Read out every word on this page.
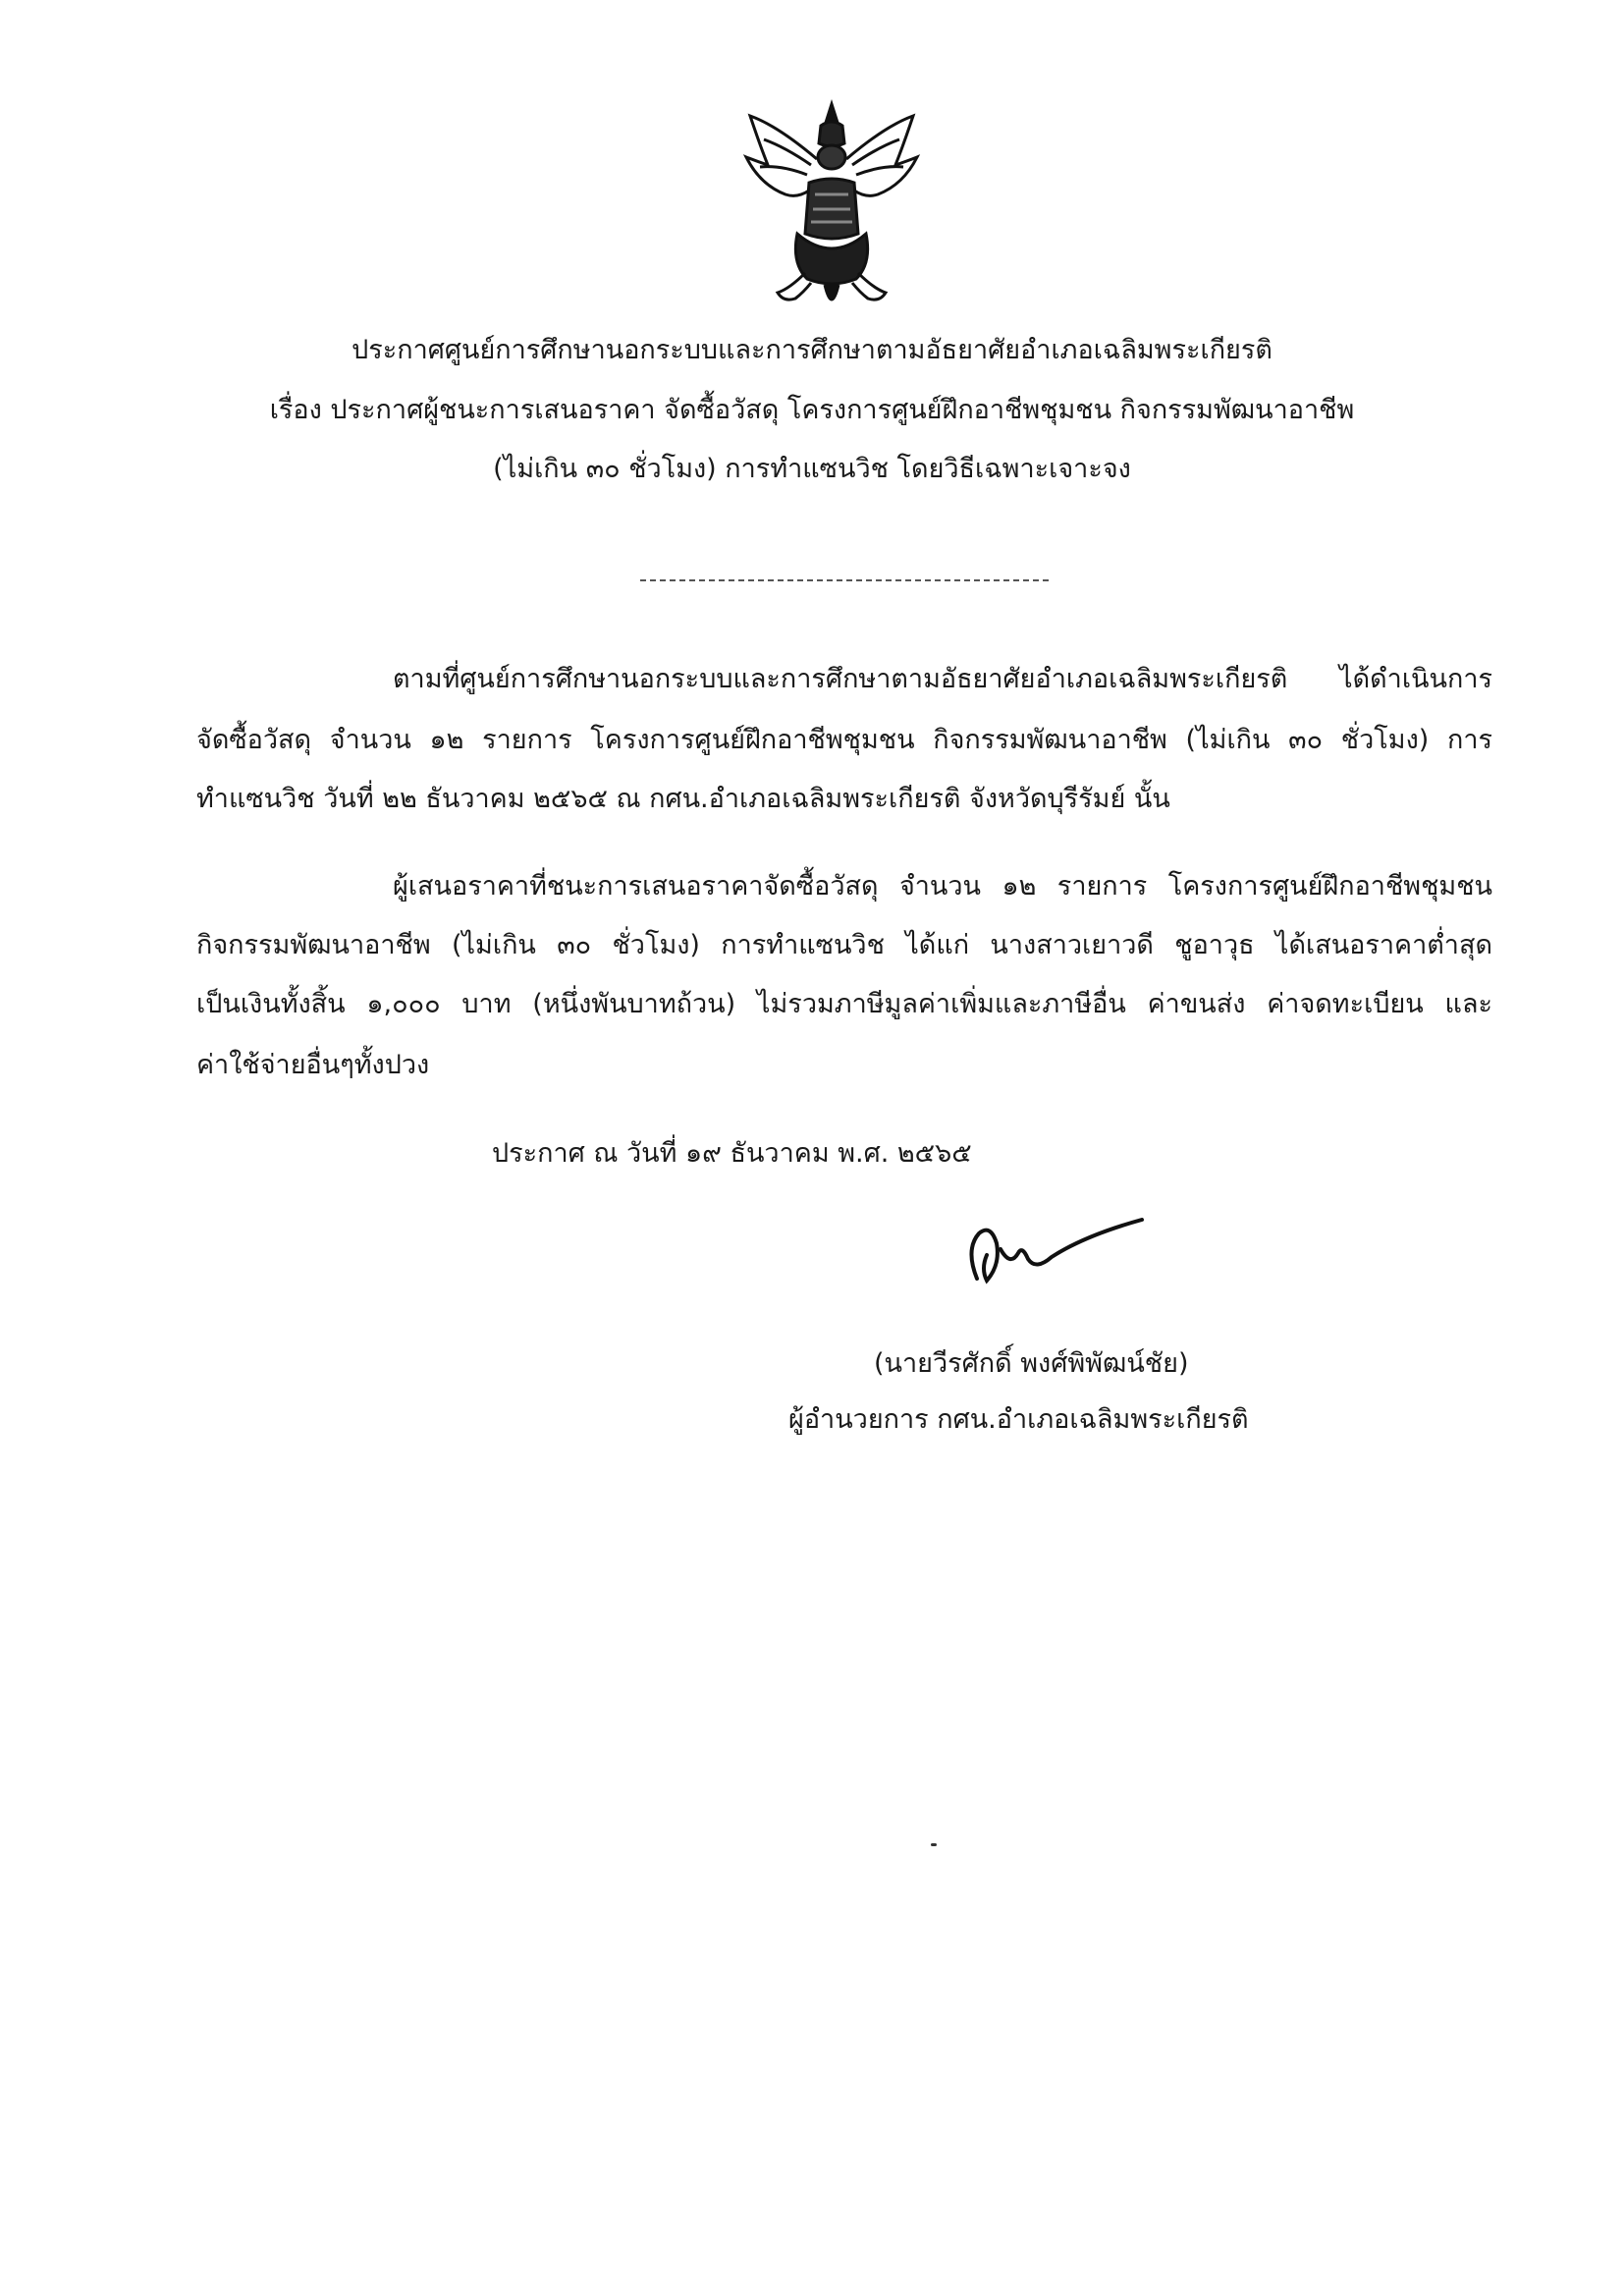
ประกาศศูนย์การศึกษานอกระบบและการศึกษาตามอัธยาศัยอำเภอเฉลิมพระเกียรติ
เรื่อง ประกาศผู้ชนะการเสนอราคา จัดซื้อวัสดุ โครงการศูนย์ฝึกอาชีพชุมชน กิจกรรมพัฒนาอาชีพ
(ไม่เกิน ๓๐ ชั่วโมง) การทำแซนวิช โดยวิธีเฉพาะเจาะจง
ตามที่ศูนย์การศึกษานอกระบบและการศึกษาตามอัธยาศัยอำเภอเฉลิมพระเกียรติ ได้ดำเนินการ
จัดซื้อวัสดุ จำนวน ๑๒ รายการ โครงการศูนย์ฝึกอาชีพชุมชน กิจกรรมพัฒนาอาชีพ (ไม่เกิน ๓๐ ชั่วโมง) การ
ทำแซนวิช วันที่ ๒๒ ธันวาคม ๒๕๖๕ ณ กศน.อำเภอเฉลิมพระเกียรติ จังหวัดบุรีรัมย์ นั้น
ผู้เสนอราคาที่ชนะการเสนอราคาจัดซื้อวัสดุ จำนวน ๑๒ รายการ โครงการศูนย์ฝึกอาชีพชุมชน
กิจกรรมพัฒนาอาชีพ (ไม่เกิน ๓๐ ชั่วโมง) การทำแซนวิช ได้แก่ นางสาวเยาวดี ชูอาวุธ ได้เสนอราคาต่ำสุด
เป็นเงินทั้งสิ้น ๑,๐๐๐ บาท (หนึ่งพันบาทถ้วน) ไม่รวมภาษีมูลค่าเพิ่มและภาษีอื่น ค่าขนส่ง ค่าจดทะเบียน และ
ค่าใช้จ่ายอื่นๆทั้งปวง
ประกาศ ณ วันที่ ๑๙ ธันวาคม พ.ศ. ๒๕๖๕
(นายวีรศักดิ์ พงศ์พิพัฒน์ชัย)
ผู้อำนวยการ กศน.อำเภอเฉลิมพระเกียรติ
